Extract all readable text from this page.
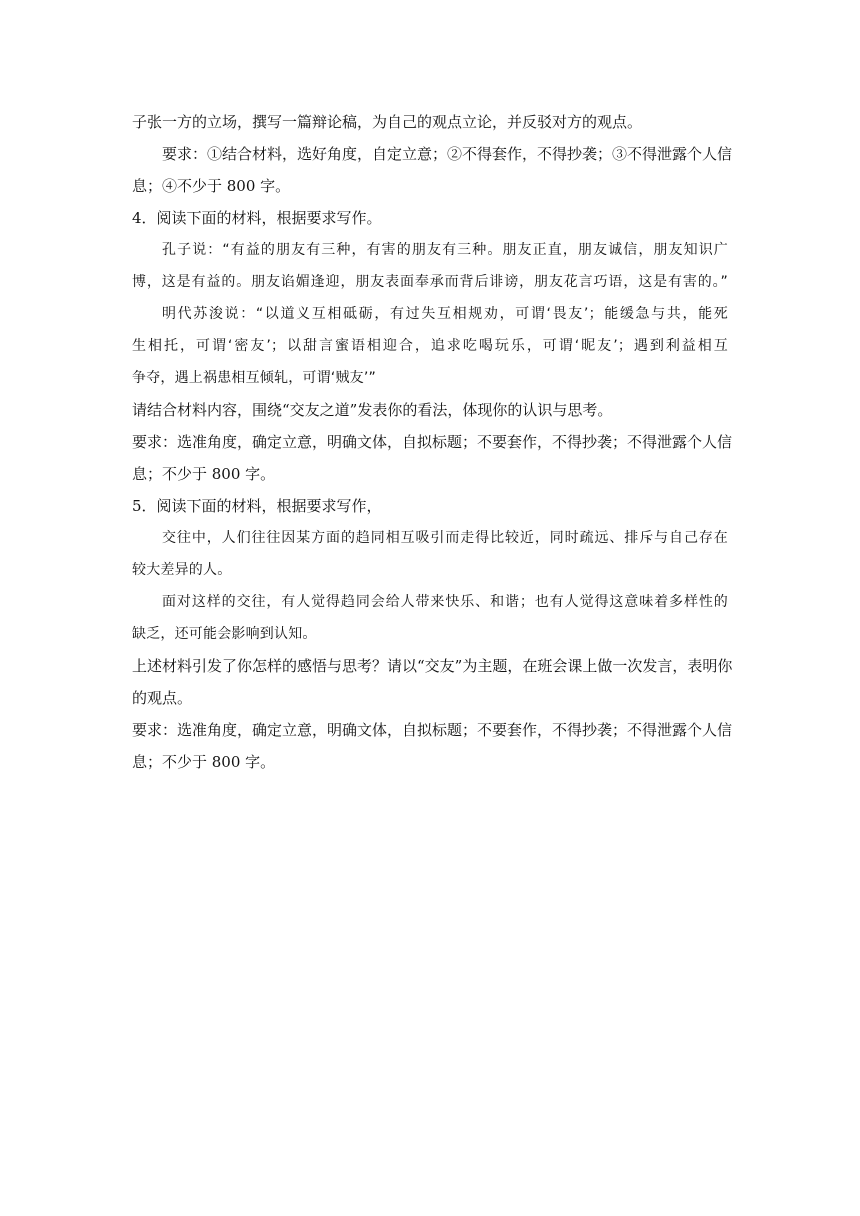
子张一方的立场，撰写一篇辩论稿，为自己的观点立论，并反驳对方的观点。

要求：①结合材料，选好角度，自定立意；②不得套作，不得抄袭；③不得泄露个人信

息；④不少于 800 字。

4．阅读下面的材料，根据要求写作。

孔子说：“有益的朋友有三种，有害的朋友有三种。朋友正直，朋友诚信，朋友知识广

博，这是有益的。朋友谄媚逢迎，朋友表面奉承而背后诽谤，朋友花言巧语，这是有害的。”

明代苏浚说：“以道义互相砥砺，有过失互相规劝，可谓‘畏友’；能缓急与共，能死

生相托，可谓‘密友’；以甜言蜜语相迎合，追求吃喝玩乐，可谓‘昵友’；遇到利益相互

争夺，遇上祸患相互倾轧，可谓‘贼友’”

请结合材料内容，围绕“交友之道”发表你的看法，体现你的认识与思考。

要求：选准角度，确定立意，明确文体，自拟标题；不要套作，不得抄袭；不得泄露个人信

息；不少于 800 字。

5．阅读下面的材料，根据要求写作，

交往中，人们往往因某方面的趋同相互吸引而走得比较近，同时疏远、排斥与自己存在

较大差异的人。

面对这样的交往，有人觉得趋同会给人带来快乐、和谐；也有人觉得这意味着多样性的

缺乏，还可能会影响到认知。

上述材料引发了你怎样的感悟与思考？请以“交友”为主题，在班会课上做一次发言，表明你

的观点。

要求：选准角度，确定立意，明确文体，自拟标题；不要套作，不得抄袭；不得泄露个人信

息；不少于 800 字。
